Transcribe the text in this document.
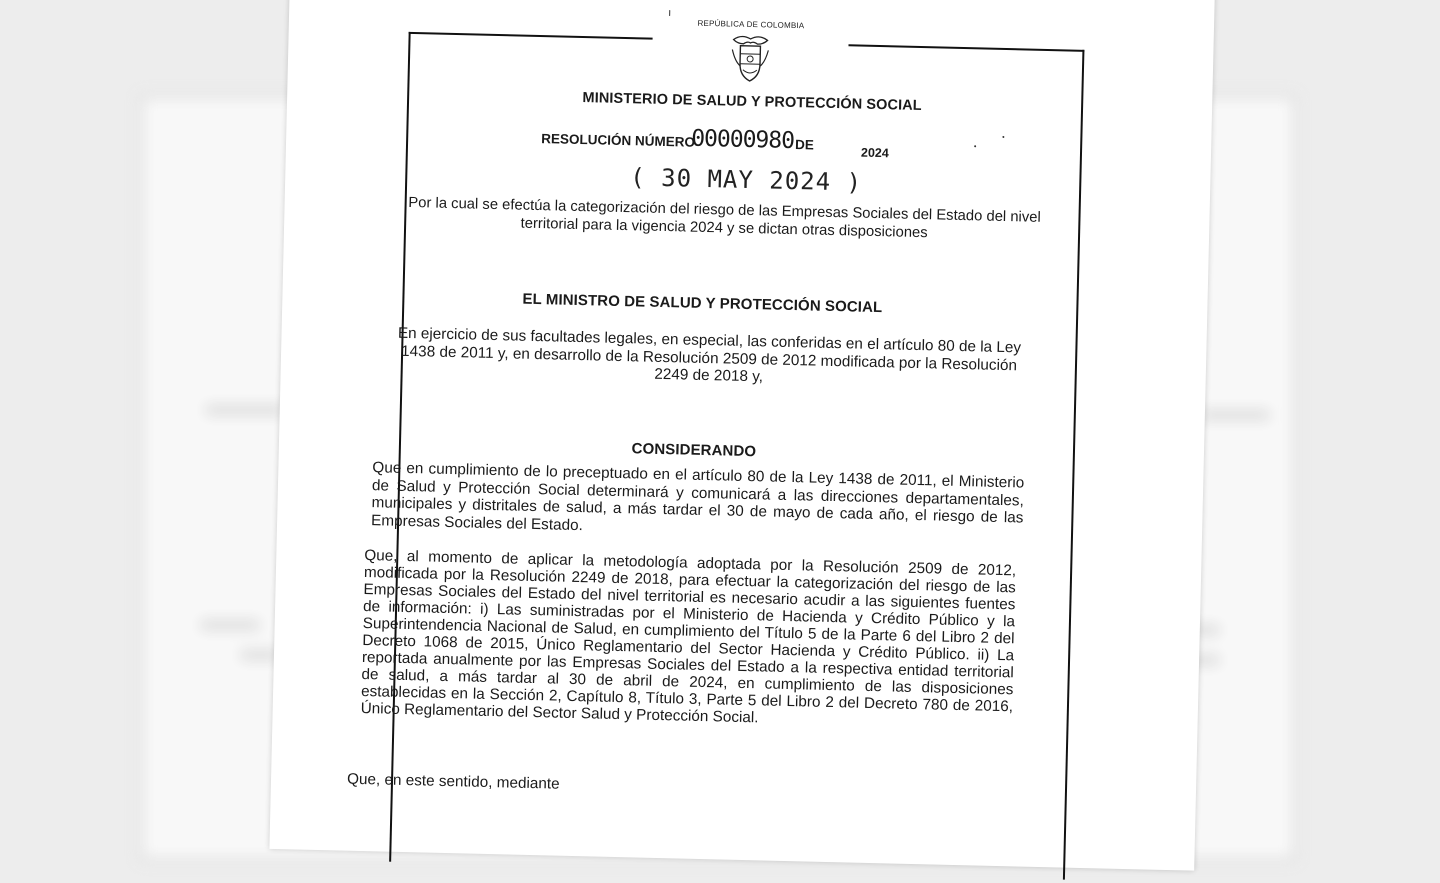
REPÚBLICA DE COLOMBIA
MINISTERIO DE SALUD Y PROTECCIÓN SOCIAL
RESOLUCIÓN NÚMERO
00000980 DE
2024
( 30 MAY 2024 )
Por la cual se efectúa la categorización del riesgo de las Empresas Sociales del Estado del nivel territorial para la vigencia 2024 y se dictan otras disposiciones
EL MINISTRO DE SALUD Y PROTECCIÓN SOCIAL
En ejercicio de sus facultades legales, en especial, las conferidas en el artículo 80 de la Ley 1438 de 2011 y, en desarrollo de la Resolución 2509 de 2012 modificada por la Resolución 2249 de 2018 y,
CONSIDERANDO
Que en cumplimiento de lo preceptuado en el artículo 80 de la Ley 1438 de 2011, el Ministerio de Salud y Protección Social determinará y comunicará a las direcciones departamentales, municipales y distritales de salud, a más tardar el 30 de mayo de cada año, el riesgo de las Empresas Sociales del Estado.
Que, al momento de aplicar la metodología adoptada por la Resolución 2509 de 2012, modificada por la Resolución 2249 de 2018, para efectuar la categorización del riesgo de las Empresas Sociales del Estado del nivel territorial es necesario acudir a las siguientes fuentes de información: i) Las suministradas por el Ministerio de Hacienda y Crédito Público y la Superintendencia Nacional de Salud, en cumplimiento del Título 5 de la Parte 6 del Libro 2 del Decreto 1068 de 2015, Único Reglamentario del Sector Hacienda y Crédito Público. ii) La reportada anualmente por las Empresas Sociales del Estado a la respectiva entidad territorial de salud, a más tardar al 30 de abril de 2024, en cumplimiento de las disposiciones establecidas en la Sección 2, Capítulo 8, Título 3, Parte 5 del Libro 2 del Decreto 780 de 2016, Único Reglamentario del Sector Salud y Protección Social.
Que, en este sentido, mediante
